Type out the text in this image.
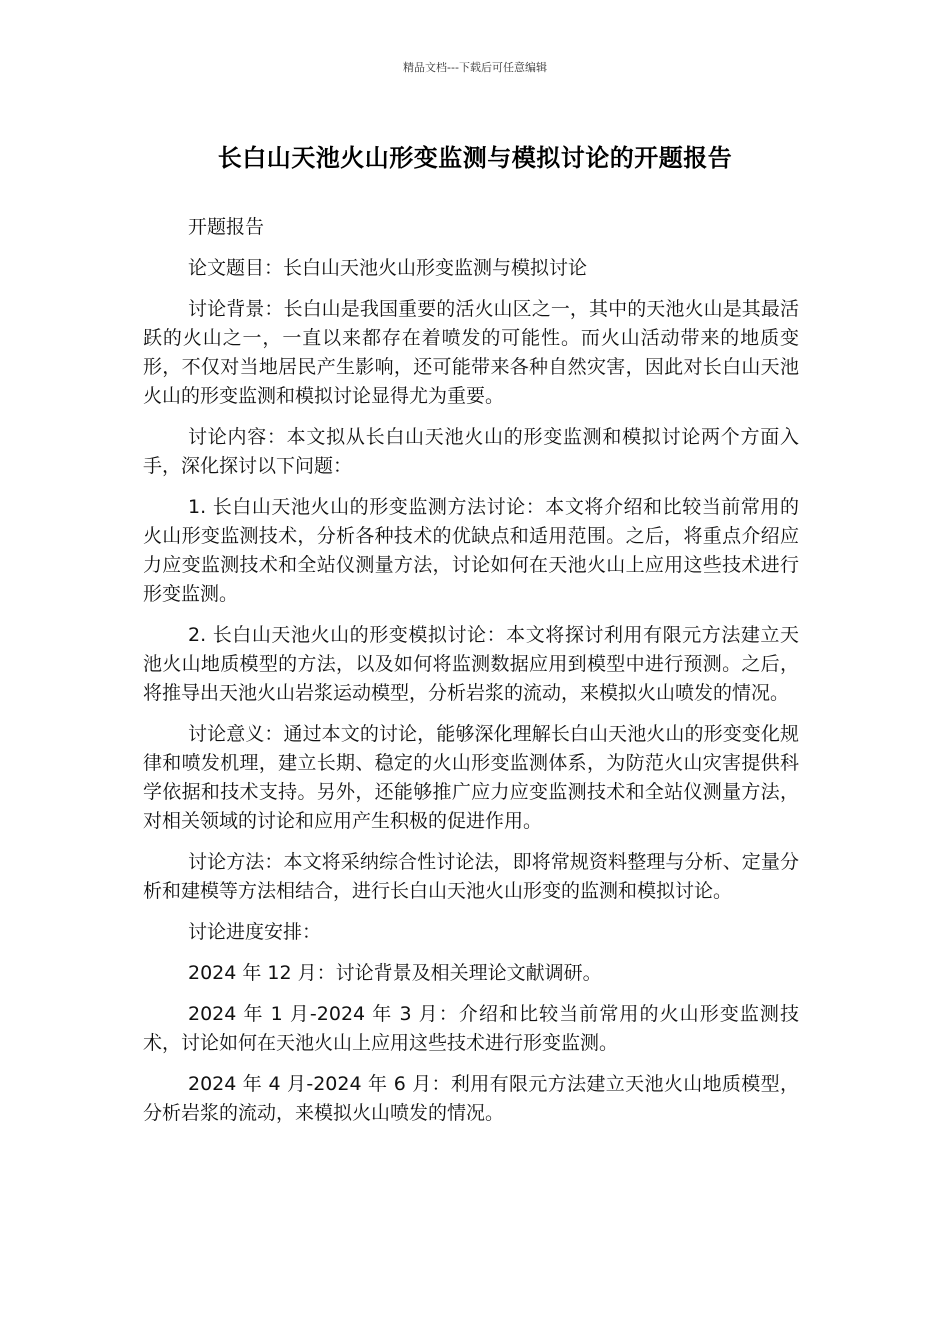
精品文档---下载后可任意编辑
长白山天池火山形变监测与模拟讨论的开题报告

开题报告

论文题目：长白山天池火山形变监测与模拟讨论

讨论背景：长白山是我国重要的活火山区之一，其中的天池火山是其最活跃的火山之一，一直以来都存在着喷发的可能性。而火山活动带来的地质变形，不仅对当地居民产生影响，还可能带来各种自然灾害，因此对长白山天池火山的形变监测和模拟讨论显得尤为重要。

讨论内容：本文拟从长白山天池火山的形变监测和模拟讨论两个方面入手，深化探讨以下问题：

1. 长白山天池火山的形变监测方法讨论：本文将介绍和比较当前常用的火山形变监测技术，分析各种技术的优缺点和适用范围。之后，将重点介绍应力应变监测技术和全站仪测量方法，讨论如何在天池火山上应用这些技术进行形变监测。

2. 长白山天池火山的形变模拟讨论：本文将探讨利用有限元方法建立天池火山地质模型的方法，以及如何将监测数据应用到模型中进行预测。之后，将推导出天池火山岩浆运动模型，分析岩浆的流动，来模拟火山喷发的情况。

讨论意义：通过本文的讨论，能够深化理解长白山天池火山的形变变化规律和喷发机理，建立长期、稳定的火山形变监测体系，为防范火山灾害提供科学依据和技术支持。另外，还能够推广应力应变监测技术和全站仪测量方法，对相关领域的讨论和应用产生积极的促进作用。

讨论方法：本文将采纳综合性讨论法，即将常规资料整理与分析、定量分析和建模等方法相结合，进行长白山天池火山形变的监测和模拟讨论。

讨论进度安排：

2024 年 12 月：讨论背景及相关理论文献调研。

2024 年 1 月-2024 年 3 月：介绍和比较当前常用的火山形变监测技术，讨论如何在天池火山上应用这些技术进行形变监测。

2024 年 4 月-2024 年 6 月：利用有限元方法建立天池火山地质模型，分析岩浆的流动，来模拟火山喷发的情况。
